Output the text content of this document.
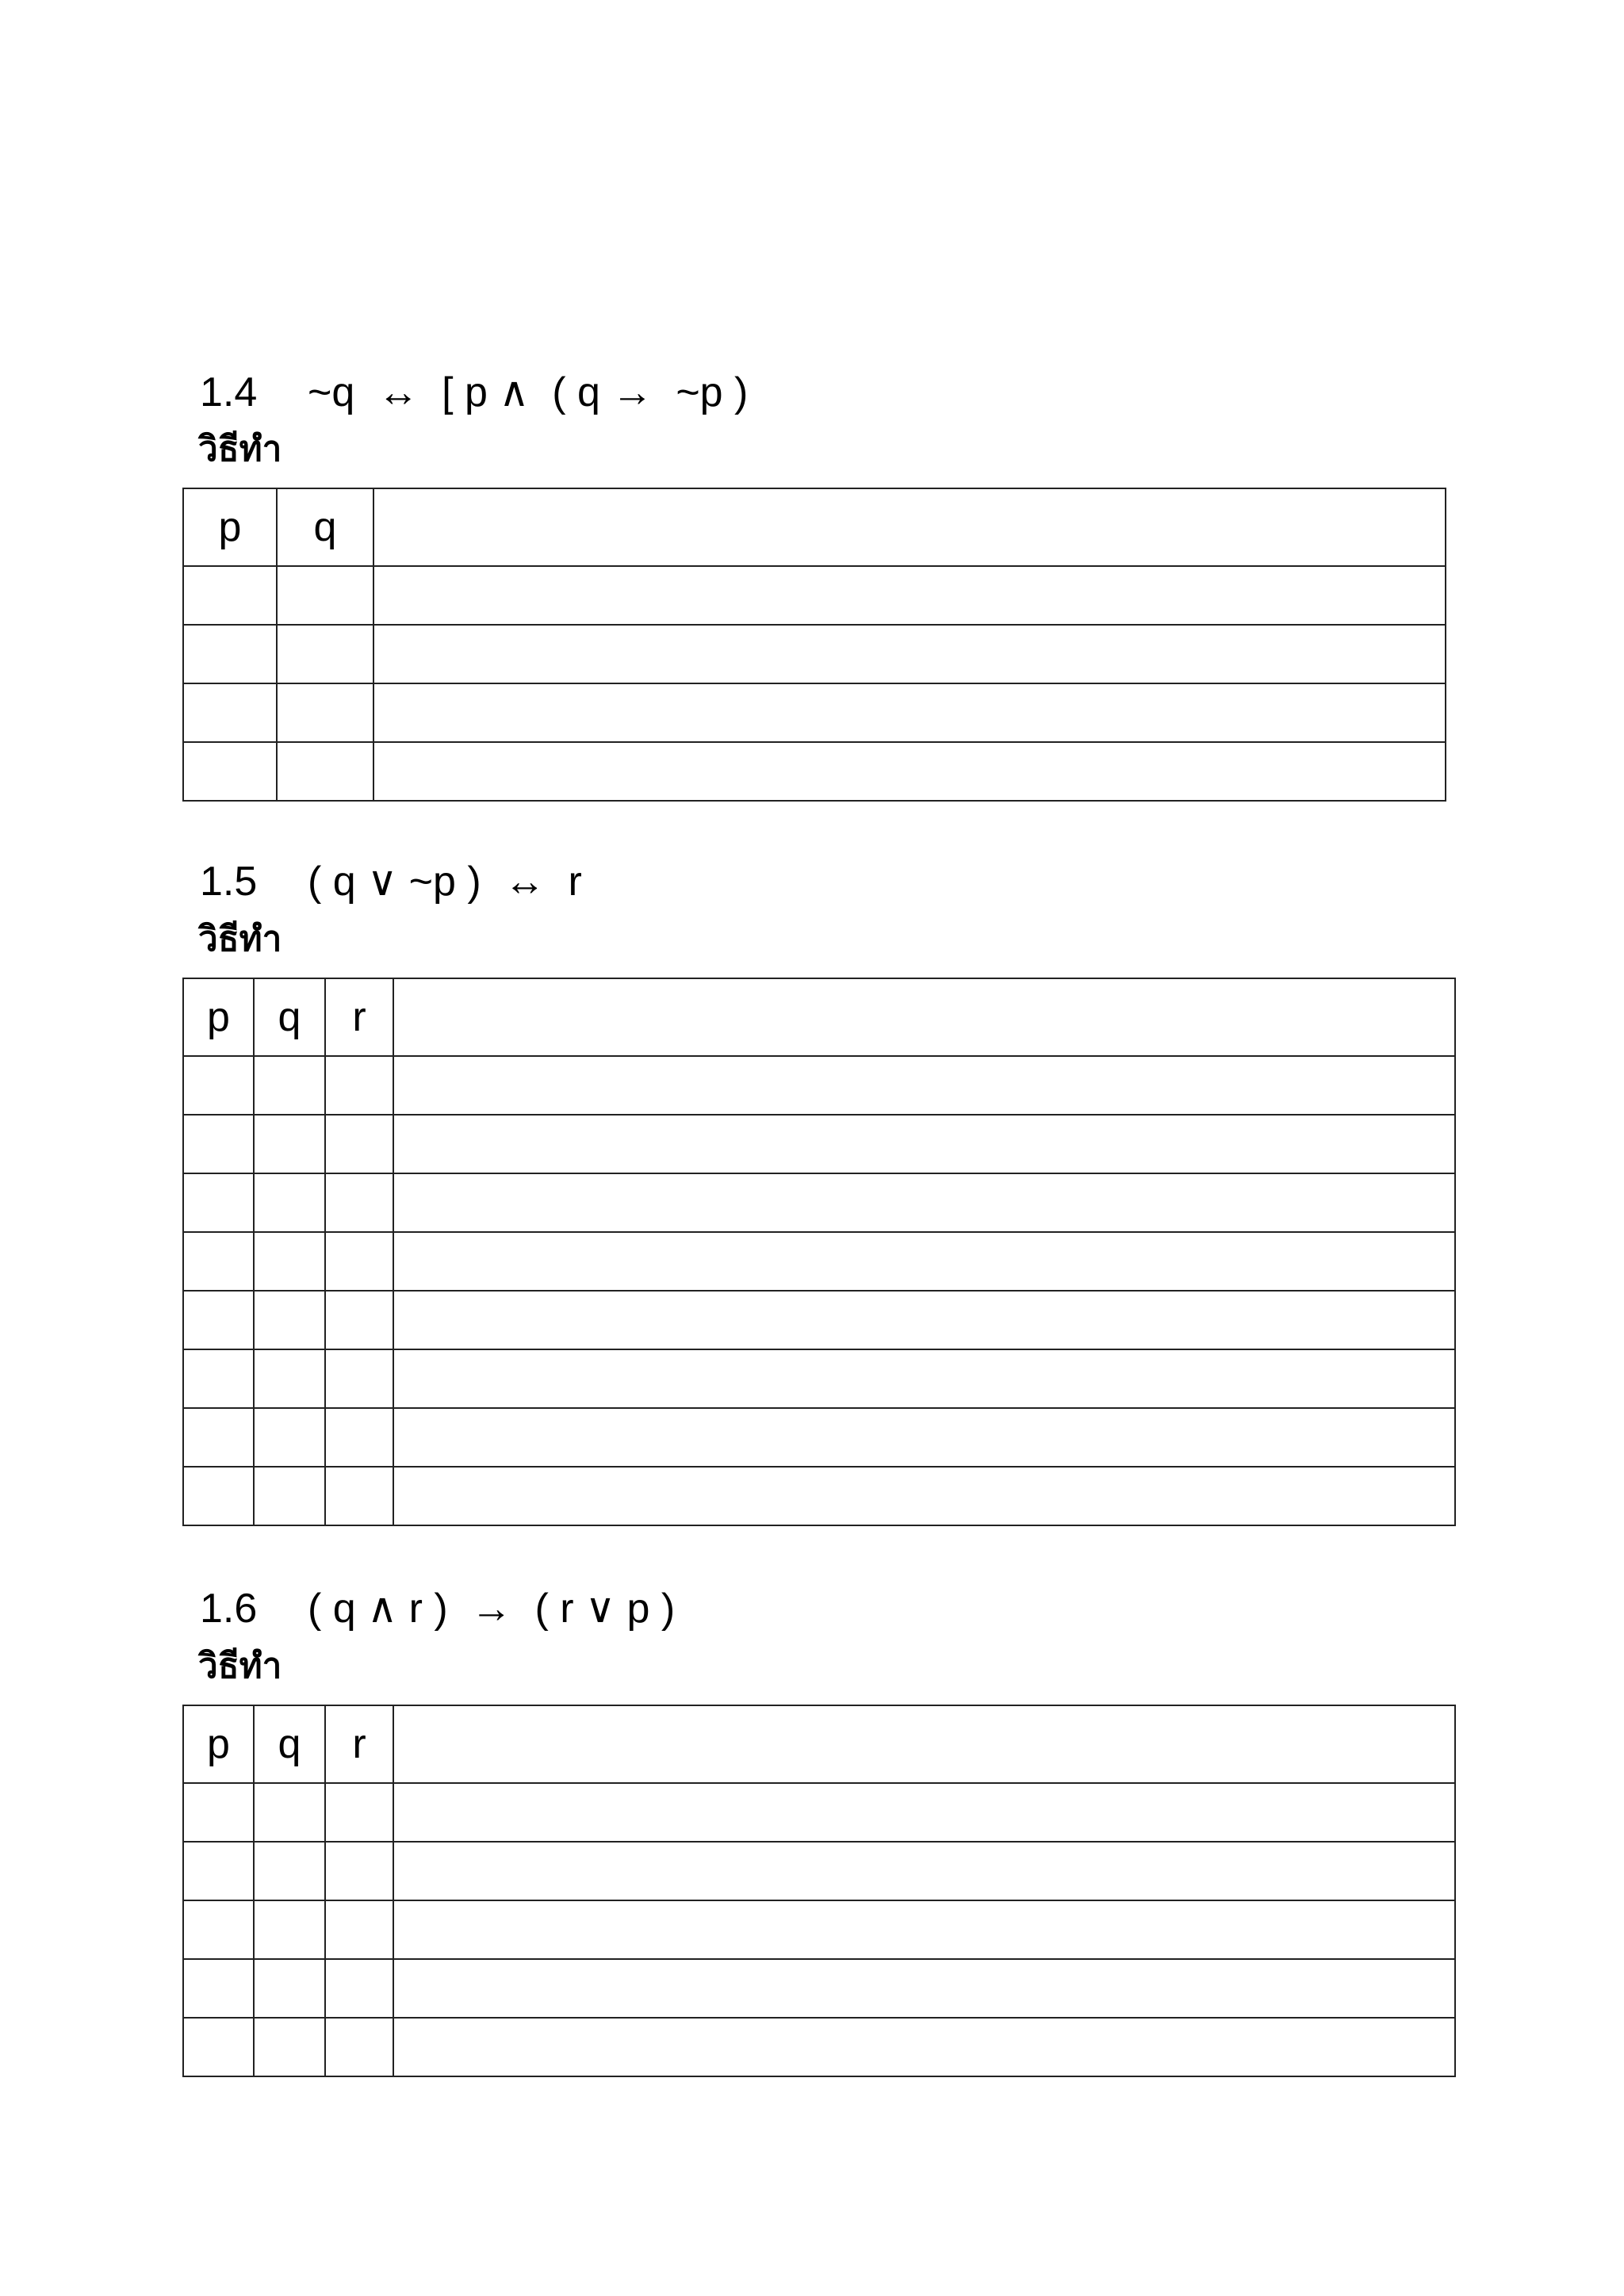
1.4 ~q  ↔  [ p ∧  ( q →  ~p )
วิธีทำ
p	q	

1.5 ( q ∨ ~p )  ↔  r
วิธีทำ
p	q	r	

1.6 ( q ∧ r )  →  ( r ∨ p )
วิธีทำ
p	q	r	
